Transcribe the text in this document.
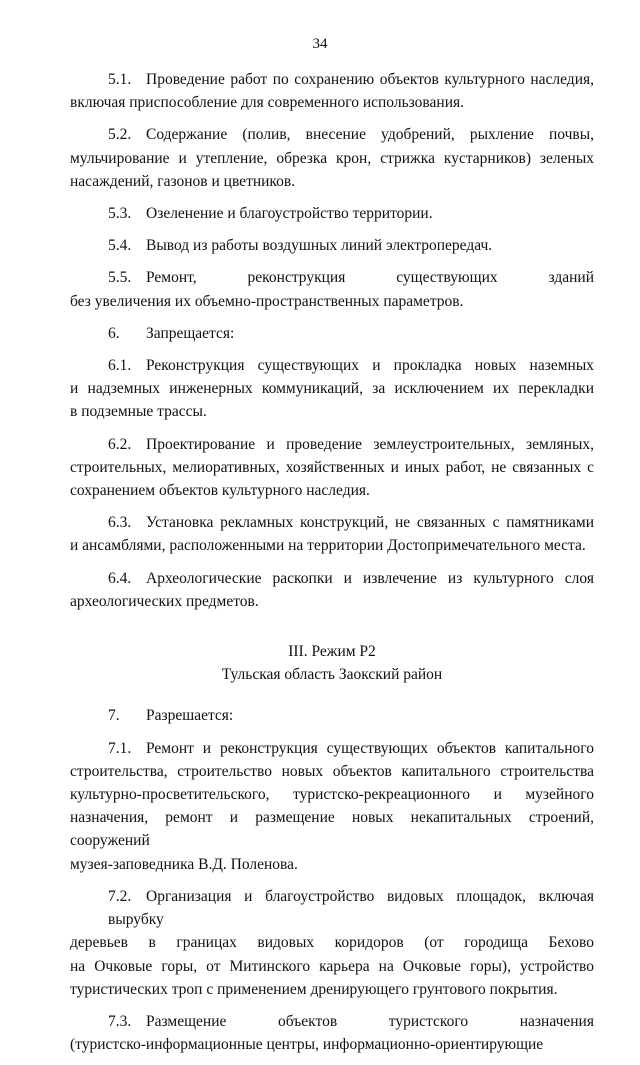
34
5.1. Проведение работ по сохранению объектов культурного наследия,
включая приспособление для современного использования.
5.2. Содержание (полив, внесение удобрений, рыхление почвы,
мульчирование и утепление, обрезка крон, стрижка кустарников) зеленых
насаждений, газонов и цветников.
5.3. Озеленение и благоустройство территории.
5.4. Вывод из работы воздушных линий электропередач.
5.5. Ремонт, реконструкция существующих зданий
без увеличения их объемно-пространственных параметров.
6. Запрещается:
6.1. Реконструкция существующих и прокладка новых наземных
и надземных инженерных коммуникаций, за исключением их перекладки
в подземные трассы.
6.2. Проектирование и проведение землеустроительных, земляных,
строительных, мелиоративных, хозяйственных и иных работ, не связанных с
сохранением объектов культурного наследия.
6.3. Установка рекламных конструкций, не связанных с памятниками
и ансамблями, расположенными на территории Достопримечательного места.
6.4. Археологические раскопки и извлечение из культурного слоя
археологических предметов.

III. Режим Р2

Тульская область Заокский район

7. Разрешается:
7.1. Ремонт и реконструкция существующих объектов капитального
строительства, строительство новых объектов капитального строительства
культурно-просветительского, туристско-рекреационного и музейного
назначения, ремонт и размещение новых некапитальных строений, сооружений
музея-заповедника В.Д. Поленова.
7.2. Организация и благоустройство видовых площадок, включая вырубку
деревьев в границах видовых коридоров (от городища Бехово
на Очковые горы, от Митинского карьера на Очковые горы), устройство
туристических троп с применением дренирующего грунтового покрытия.
7.3. Размещение объектов туристского назначения
(туристско-информационные центры, информационно-ориентирующие
